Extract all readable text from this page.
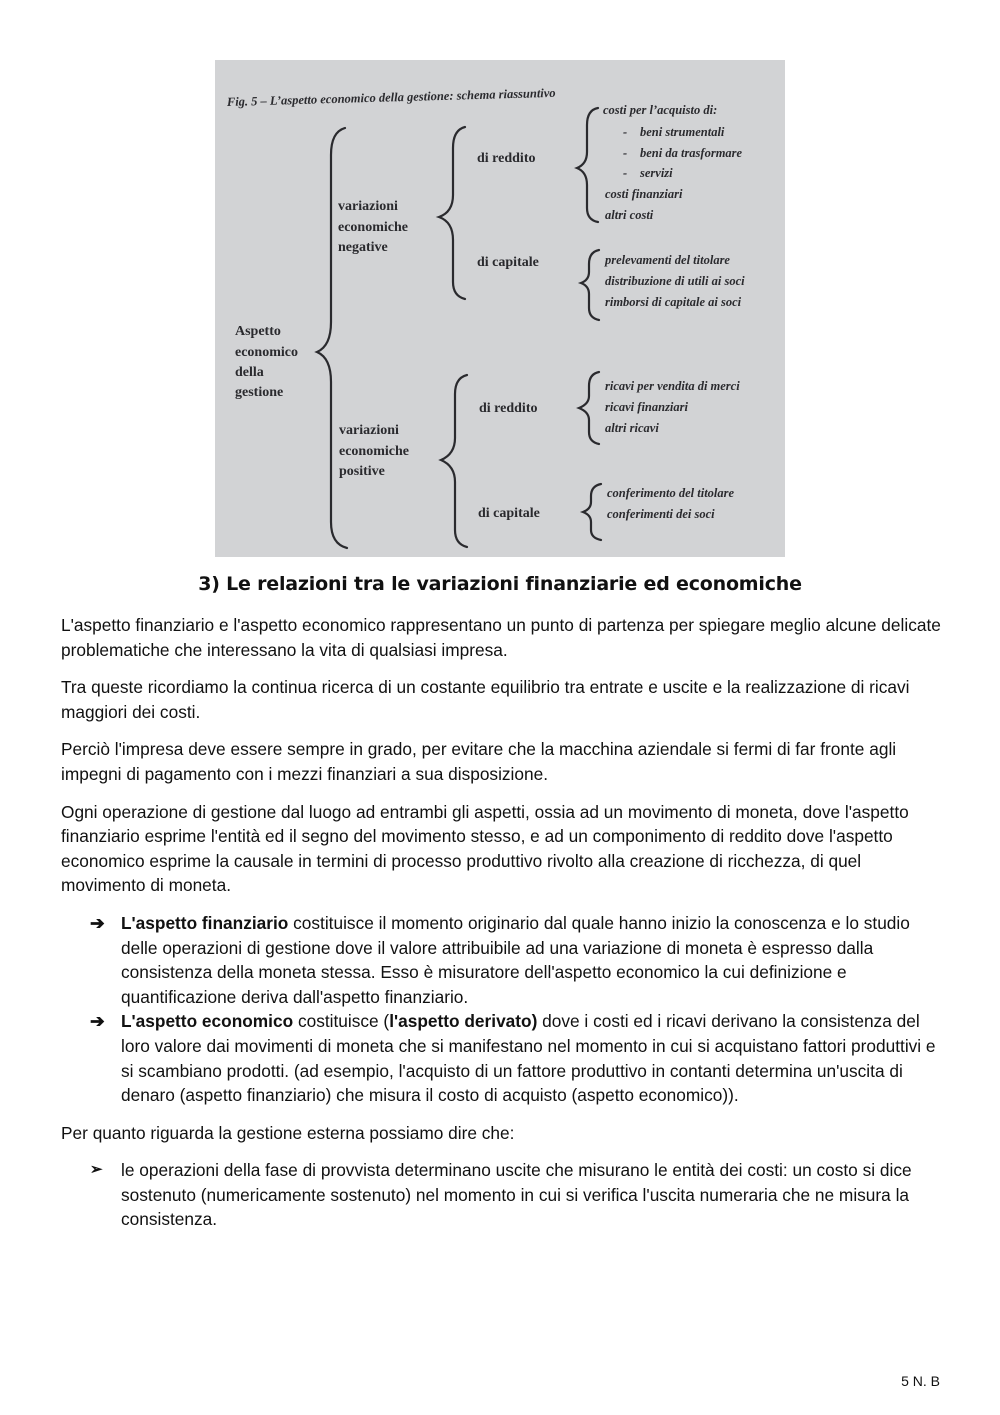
Fig. 5 – L’aspetto economico della gestione: schema riassuntivo
Aspetto economico della gestione
variazioni economiche negative
di reddito
costi per l’acquisto di: beni strumentali beni da trasformare servizi costi finanziari altri costi
- - -
di capitale	prelevamenti del titolare distribuzione di utili ai soci rimborsi di capitale ai soci
variazioni economiche positive
di reddito
ricavi per vendita di merci ricavi finanziari altri ricavi
di capitale
conferimento del titolare conferimenti dei soci
3) Le relazioni tra le variazioni finanziarie ed economiche

L'aspetto finanziario e l'aspetto economico rappresentano un punto di partenza per spiegare meglio alcune delicate problematiche che interessano la vita di qualsiasi impresa.

Tra queste ricordiamo la continua ricerca di un costante equilibrio tra entrate e uscite e la realizzazione di ricavi maggiori dei costi.

Perciò l'impresa deve essere sempre in grado, per evitare che la macchina aziendale si fermi di far fronte agli impegni di pagamento con i mezzi finanziari a sua disposizione.

Ogni operazione di gestione dal luogo ad entrambi gli aspetti, ossia ad un movimento di moneta, dove l'aspetto finanziario esprime l'entità ed il segno del movimento stesso, e ad un componimento di reddito dove l'aspetto economico esprime la causale in termini di processo produttivo rivolto alla creazione di ricchezza, di quel movimento di moneta.

➔ L'aspetto finanziario costituisce il momento originario dal quale hanno inizio la conoscenza e lo studio delle operazioni di gestione dove il valore attribuibile ad una variazione di moneta è espresso dalla consistenza della moneta stessa. Esso è misuratore dell'aspetto economico la cui definizione e quantificazione deriva dall'aspetto finanziario.
➔ L'aspetto economico costituisce (l'aspetto derivato) dove i costi ed i ricavi derivano la consistenza del loro valore dai movimenti di moneta che si manifestano nel momento in cui si acquistano fattori produttivi e si scambiano prodotti. (ad esempio, l'acquisto di un fattore produttivo in contanti determina un'uscita di denaro (aspetto finanziario) che misura il costo di acquisto (aspetto economico)).

Per quanto riguarda la gestione esterna possiamo dire che:

➢ le operazioni della fase di provvista determinano uscite che misurano le entità dei costi: un costo si dice sostenuto (numericamente sostenuto) nel momento in cui si verifica l'uscita numeraria che ne misura la consistenza.
5 N. B
